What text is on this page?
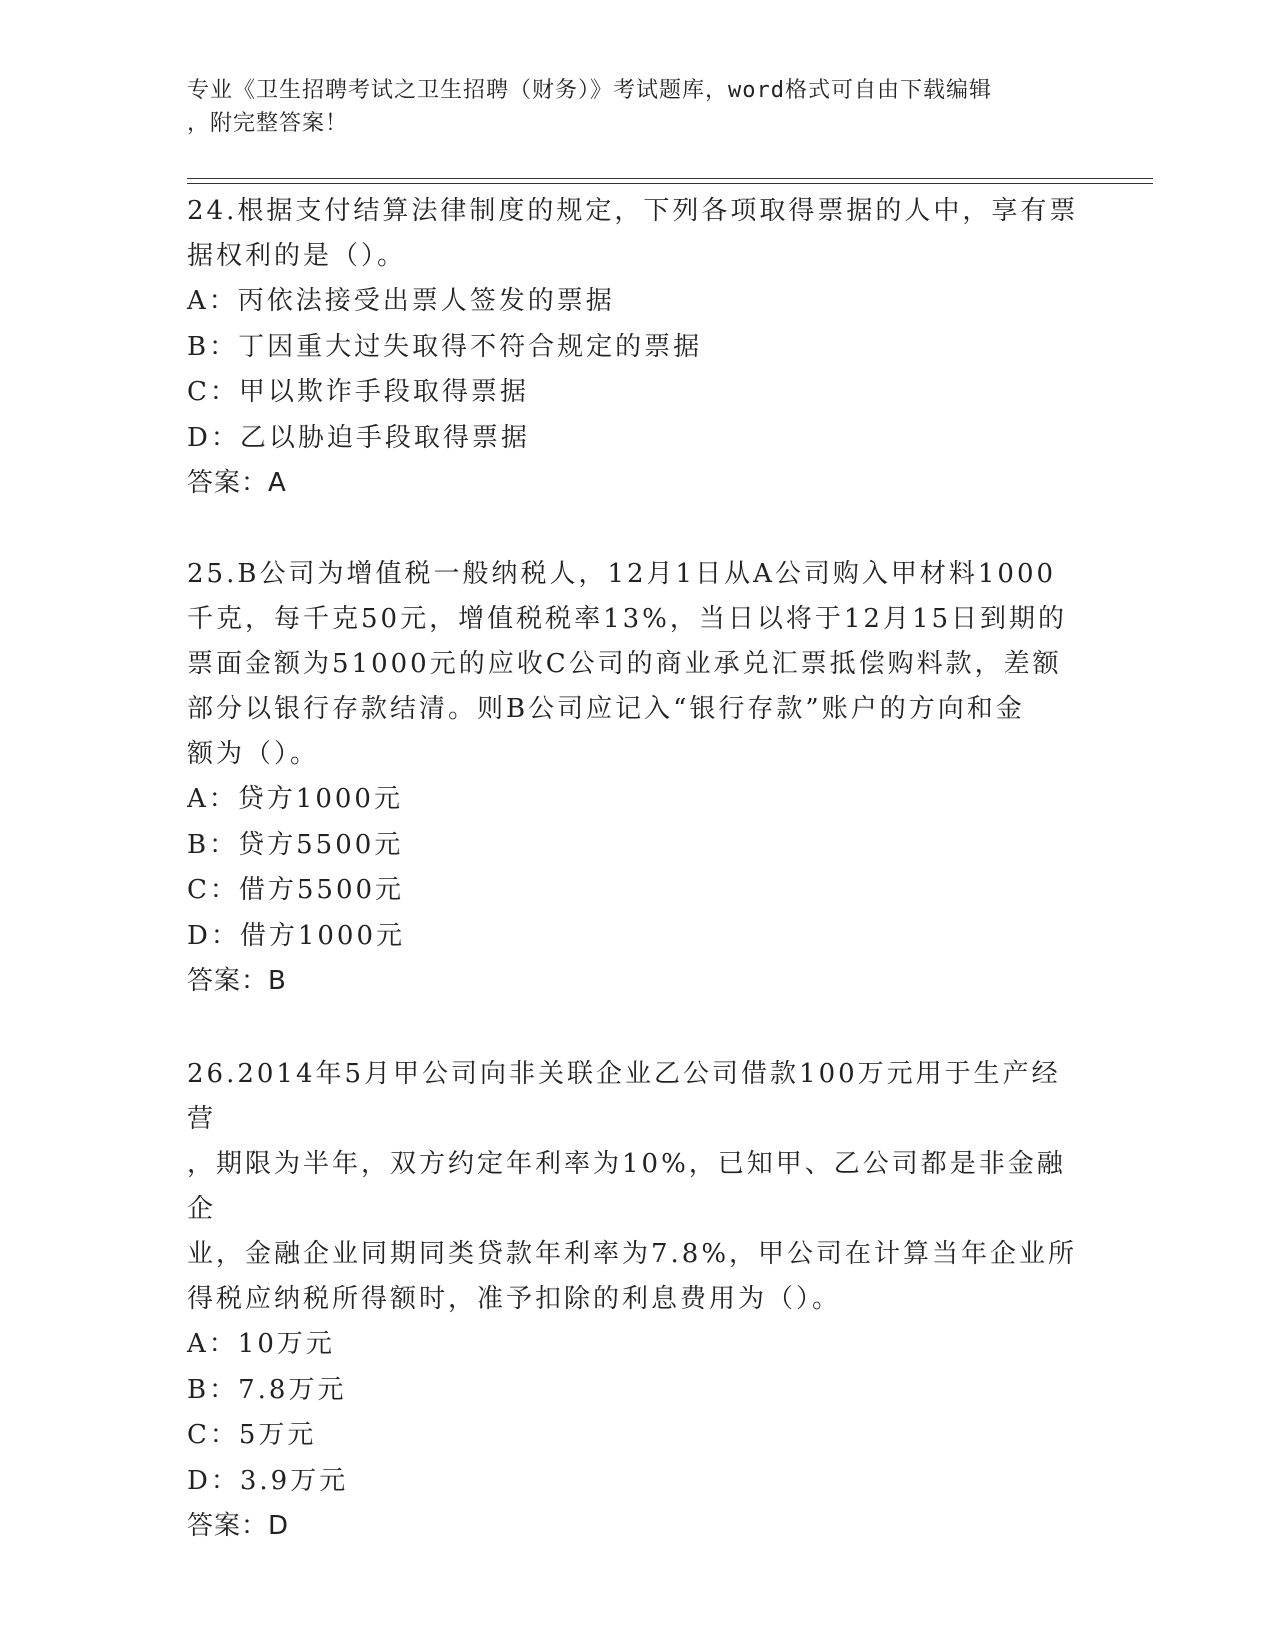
专业《卫生招聘考试之卫生招聘（财务）》考试题库，word格式可自由下载编辑
，附完整答案！

24.根据支付结算法律制度的规定，下列各项取得票据的人中，享有票

据权利的是（）。

A：丙依法接受出票人签发的票据

B：丁因重大过失取得不符合规定的票据

C：甲以欺诈手段取得票据

D：乙以胁迫手段取得票据

答案：A

25.B公司为增值税一般纳税人，12月1日从A公司购入甲材料1000

千克，每千克50元，增值税税率13%，当日以将于12月15日到期的

票面金额为51000元的应收C公司的商业承兑汇票抵偿购料款，差额

部分以银行存款结清。则B公司应记入“银行存款”账户的方向和金

额为（）。

A：贷方1000元

B：贷方5500元

C：借方5500元

D：借方1000元

答案：B

26.2014年5月甲公司向非关联企业乙公司借款100万元用于生产经营

，期限为半年，双方约定年利率为10%，已知甲、乙公司都是非金融企

业，金融企业同期同类贷款年利率为7.8%，甲公司在计算当年企业所

得税应纳税所得额时，准予扣除的利息费用为（）。

A：10万元

B：7.8万元

C：5万元

D：3.9万元

答案：D
